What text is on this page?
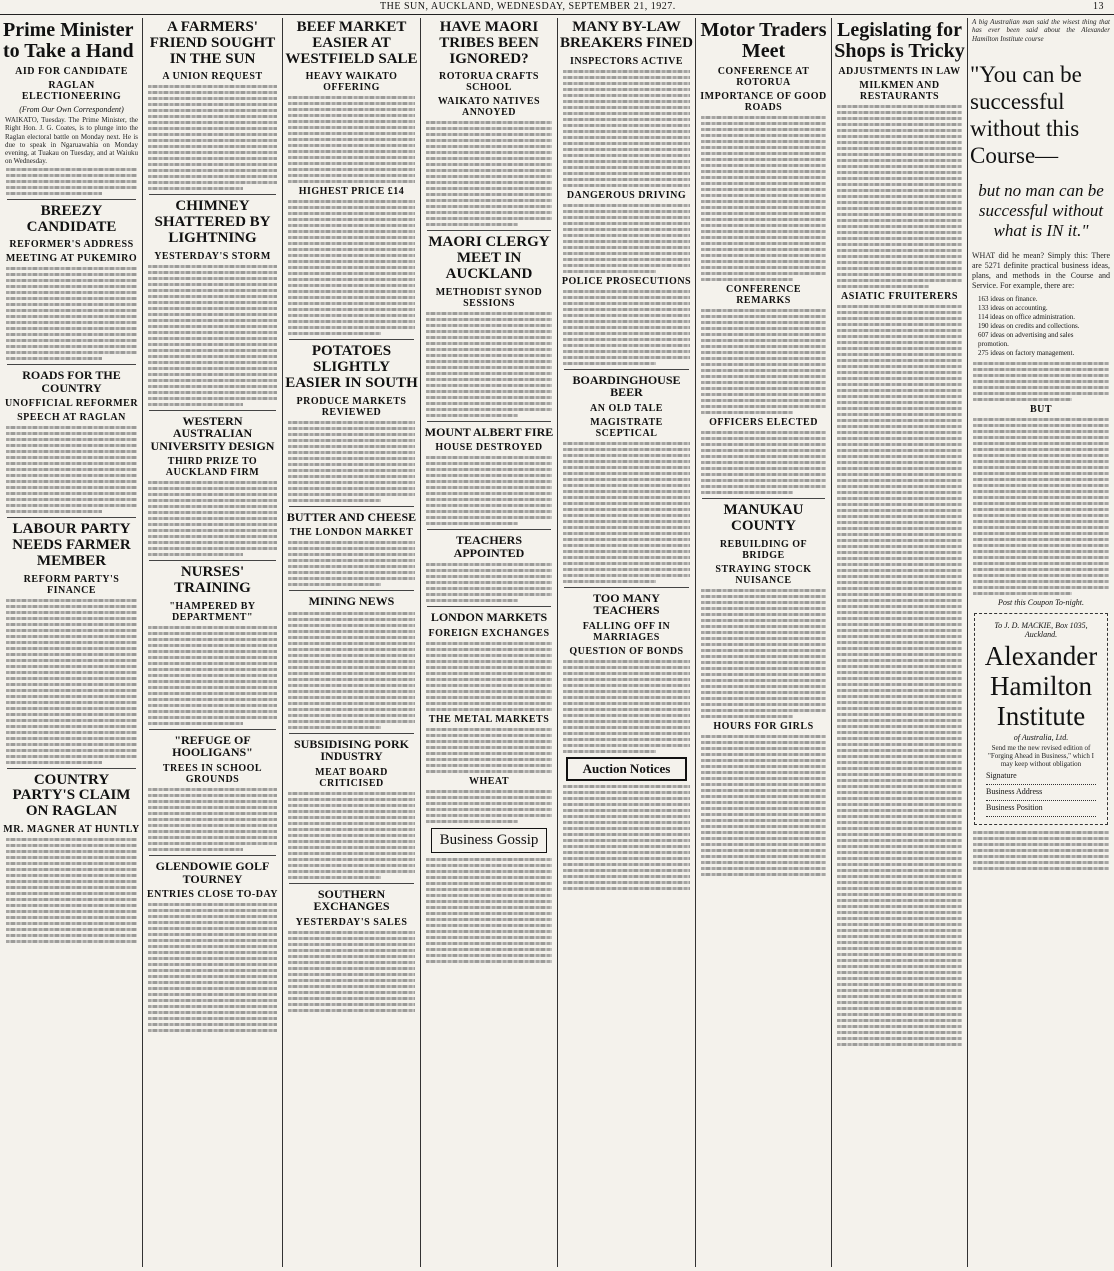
THE SUN, AUCKLAND, WEDNESDAY, SEPTEMBER 21, 1927.	13
Prime Minister to Take a Hand
AID FOR CANDIDATE
RAGLAN ELECTIONEERING
(From Our Own Correspondent)
WAIKATO, Tuesday. The Prime Minister, the Right Hon. J. G. Coates, is to plunge into the Raglan electoral battle on Monday next. He is due to speak in Ngaruawahia on Monday evening, at Tuakau on Tuesday, and at Waiuku on Wednesday.
BREEZY CANDIDATE
REFORMER'S ADDRESS
MEETING AT PUKEMIRO
ROADS FOR THE COUNTRY
UNOFFICIAL REFORMER
SPEECH AT RAGLAN
LABOUR PARTY NEEDS FARMER MEMBER
REFORM PARTY'S FINANCE
COUNTRY PARTY'S CLAIM ON RAGLAN
MR. MAGNER AT HUNTLY
A FARMERS' FRIEND SOUGHT IN THE SUN
A UNION REQUEST
CHIMNEY SHATTERED BY LIGHTNING
YESTERDAY'S STORM
WESTERN AUSTRALIAN UNIVERSITY DESIGN
THIRD PRIZE TO AUCKLAND FIRM
NURSES' TRAINING
"HAMPERED BY DEPARTMENT"
"REFUGE OF HOOLIGANS"
TREES IN SCHOOL GROUNDS
GLENDOWIE GOLF TOURNEY
ENTRIES CLOSE TO-DAY
BEEF MARKET EASIER AT WESTFIELD SALE
HEAVY WAIKATO OFFERING
HIGHEST PRICE £14
POTATOES SLIGHTLY EASIER IN SOUTH
PRODUCE MARKETS REVIEWED
BUTTER AND CHEESE
THE LONDON MARKET
MINING NEWS
SUBSIDISING PORK INDUSTRY
MEAT BOARD CRITICISED
SOUTHERN EXCHANGES
YESTERDAY'S SALES
HAVE MAORI TRIBES BEEN IGNORED?
ROTORUA CRAFTS SCHOOL
WAIKATO NATIVES ANNOYED
MAORI CLERGY MEET IN AUCKLAND
METHODIST SYNOD SESSIONS
MOUNT ALBERT FIRE
HOUSE DESTROYED
TEACHERS APPOINTED
LONDON MARKETS
FOREIGN EXCHANGES
THE METAL MARKETS
WHEAT
Business Gossip
MANY BY-LAW BREAKERS FINED
INSPECTORS ACTIVE
DANGEROUS DRIVING
POLICE PROSECUTIONS
BOARDINGHOUSE BEER
AN OLD TALE
MAGISTRATE SCEPTICAL
TOO MANY TEACHERS
FALLING OFF IN MARRIAGES
QUESTION OF BONDS
Auction Notices
Motor Traders Meet
CONFERENCE AT ROTORUA
IMPORTANCE OF GOOD ROADS
CONFERENCE REMARKS
OFFICERS ELECTED
MANUKAU COUNTY
REBUILDING OF BRIDGE
STRAYING STOCK NUISANCE
HOURS FOR GIRLS
Legislating for Shops is Tricky
ADJUSTMENTS IN LAW
MILKMEN AND RESTAURANTS
ASIATIC FRUITERERS
A big Australian man said the wisest thing that has ever been said about the Alexander Hamilton Institute course
"You can be successful without this Course—
but no man can be successful without what is IN it."
WHAT did he mean? Simply this: There are 5271 definite practical business ideas, plans, and methods in the Course and Service. For example, there are:
163 ideas on finance.
133 ideas on accounting.
114 ideas on office administration.
190 ideas on credits and collections.
607 ideas on advertising and sales promotion.
275 ideas on factory management.
BUT
Post this Coupon To-night.
To J. D. MACKIE, Box 1035, Auckland.
Alexander
Hamilton
Institute
of Australia, Ltd.
Send me the new revised edition of "Forging Ahead in Business," which I may keep without obligation
Signature
Business Address
Business Position
